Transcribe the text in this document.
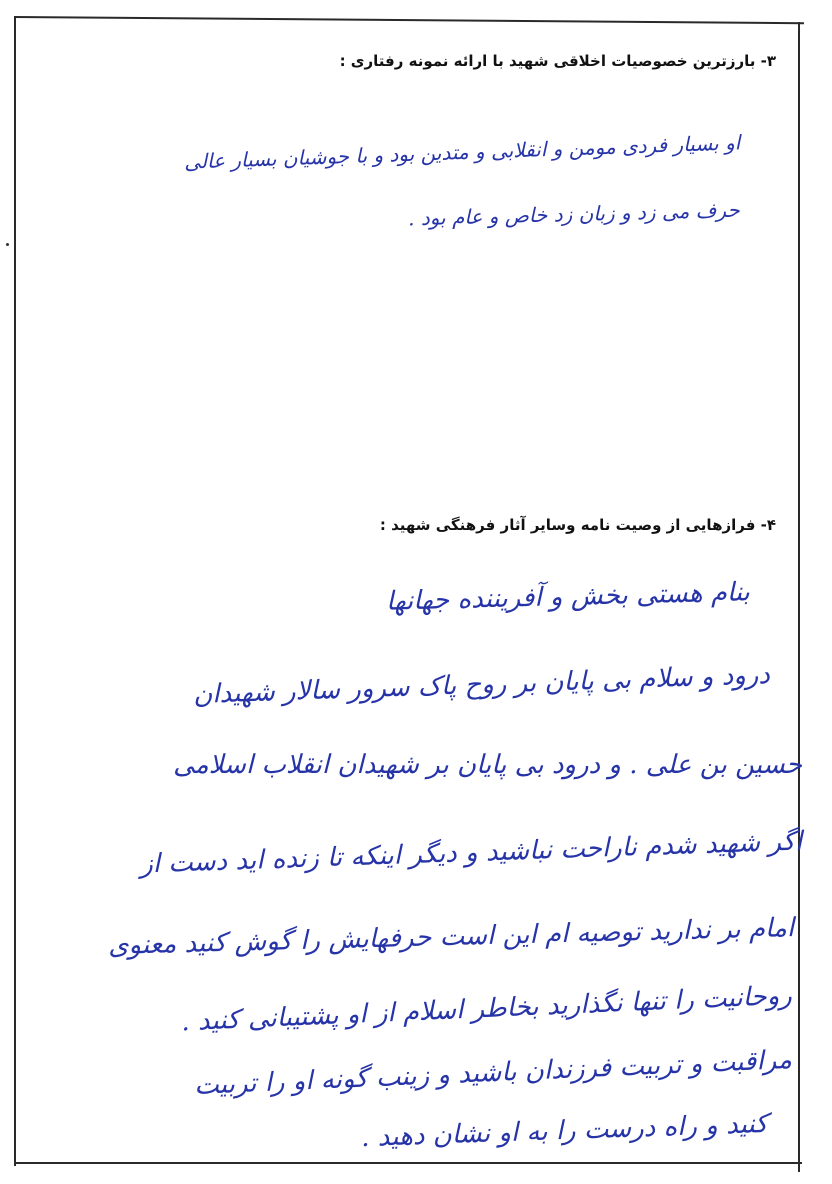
۳- بارزترین خصوصیات اخلاقی شهید با ارائه نمونه رفتاری :
او بسیار فردی مومن و انقلابی و متدین بود و با جوشیان بسیار عالی
حرف می زد و زبان زد خاص و عام بود .
۴- فرازهایی از وصیت نامه وسایر آثار فرهنگی شهید :
بنام هستی بخش و آفریننده جهانها
درود و سلام بی پایان بر روح پاک سرور سالار شهیدان
حسین بن علی . و درود بی پایان بر شهیدان انقلاب اسلامی
اگر شهید شدم ناراحت نباشید و دیگر اینکه تا زنده اید دست از
امام بر ندارید توصیه ام این است حرفهایش را گوش کنید معنوی
روحانیت را تنها نگذارید بخاطر اسلام از او پشتیبانی کنید .
مراقبت و تربیت فرزندان باشید و زینب گونه او را تربیت
کنید و راه درست را به او نشان دهید .
